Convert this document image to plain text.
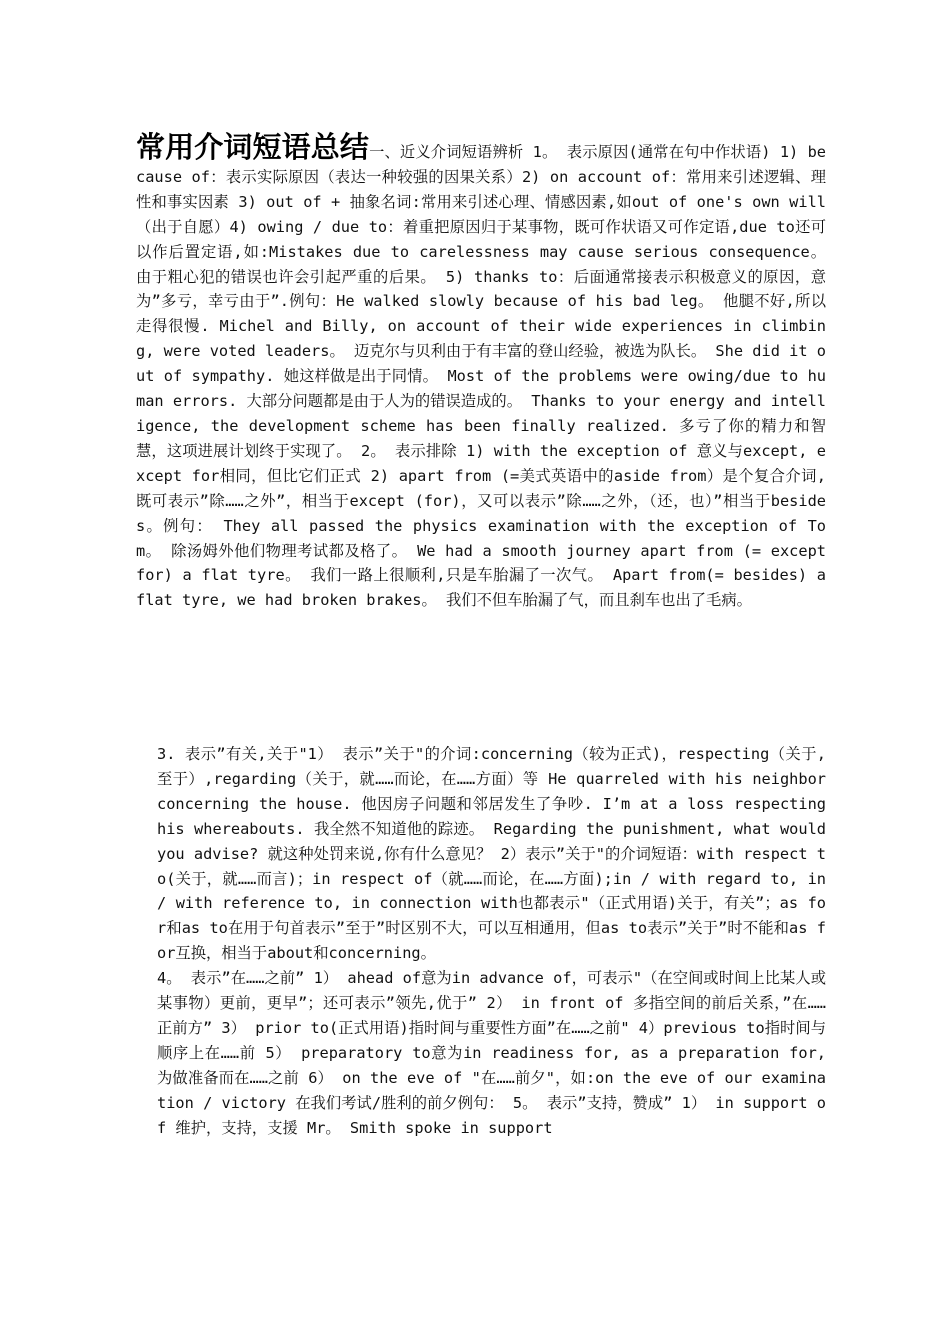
常用介词短语总结一、近义介词短语辨析 1。 表示原因(通常在句中作状语) 1) because of：表示实际原因（表达一种较强的因果关系）2) on account of：常用来引述逻辑、理性和事实因素 3) out of + 抽象名词:常用来引述心理、情感因素,如out of one's own will（出于自愿）4) owing / due to：着重把原因归于某事物，既可作状语又可作定语,due to还可以作后置定语,如:Mistakes due to carelessness may cause serious consequence。 由于粗心犯的错误也许会引起严重的后果。 5) thanks to：后面通常接表示积极意义的原因，意为”多亏，幸亏由于”.例句：He walked slowly because of his bad leg。 他腿不好,所以走得很慢. Michel and Billy, on account of their wide experiences in climbing, were voted leaders。 迈克尔与贝利由于有丰富的登山经验，被选为队长。 She did it out of sympathy. 她这样做是出于同情。 Most of the problems were owing/due to human errors. 大部分问题都是由于人为的错误造成的。 Thanks to your energy and intelligence, the development scheme has been finally realized. 多亏了你的精力和智慧，这项进展计划终于实现了。 2。 表示排除 1) with the exception of 意义与except, except for相同，但比它们正式 2) apart from (=美式英语中的aside from）是个复合介词,既可表示”除……之外”，相当于except (for)，又可以表示”除……之外，（还，也）”相当于besides。例句： They all passed the physics examination with the exception of Tom。 除汤姆外他们物理考试都及格了。 We had a smooth journey apart from (= except for) a flat tyre。 我们一路上很顺利,只是车胎漏了一次气。 Apart from(= besides) a flat tyre, we had broken brakes。 我们不但车胎漏了气，而且刹车也出了毛病。

3. 表示”有关,关于"1） 表示”关于"的介词:concerning（较为正式)，respecting（关于,至于）,regarding（关于，就……而论，在……方面）等 He quarreled with his neighbor concerning the house. 他因房子问题和邻居发生了争吵. I’m at a loss respecting his whereabouts. 我全然不知道他的踪迹。 Regarding the punishment, what would you advise? 就这种处罚来说,你有什么意见？ 2）表示”关于"的介词短语：with respect to(关于，就……而言)；in respect of（就……而论，在……方面);in / with regard to, in / with reference to, in connection with也都表示"（正式用语)关于，有关”；as for和as to在用于句首表示”至于”时区别不大，可以互相通用，但as to表示”关于”时不能和as for互换，相当于about和concerning。

4。 表示”在……之前” 1） ahead of意为in advance of，可表示"（在空间或时间上比某人或某事物）更前，更早”；还可表示”领先,优于” 2） in front of 多指空间的前后关系，”在……正前方” 3） prior to(正式用语)指时间与重要性方面”在……之前" 4）previous to指时间与顺序上在……前 5） preparatory to意为in readiness for, as a preparation for, 为做准备而在……之前 6） on the eve of "在……前夕"，如:on the eve of our examination / victory 在我们考试/胜利的前夕例句： 5。 表示”支持，赞成” 1） in support of 维护，支持，支援 Mr。 Smith spoke in support
